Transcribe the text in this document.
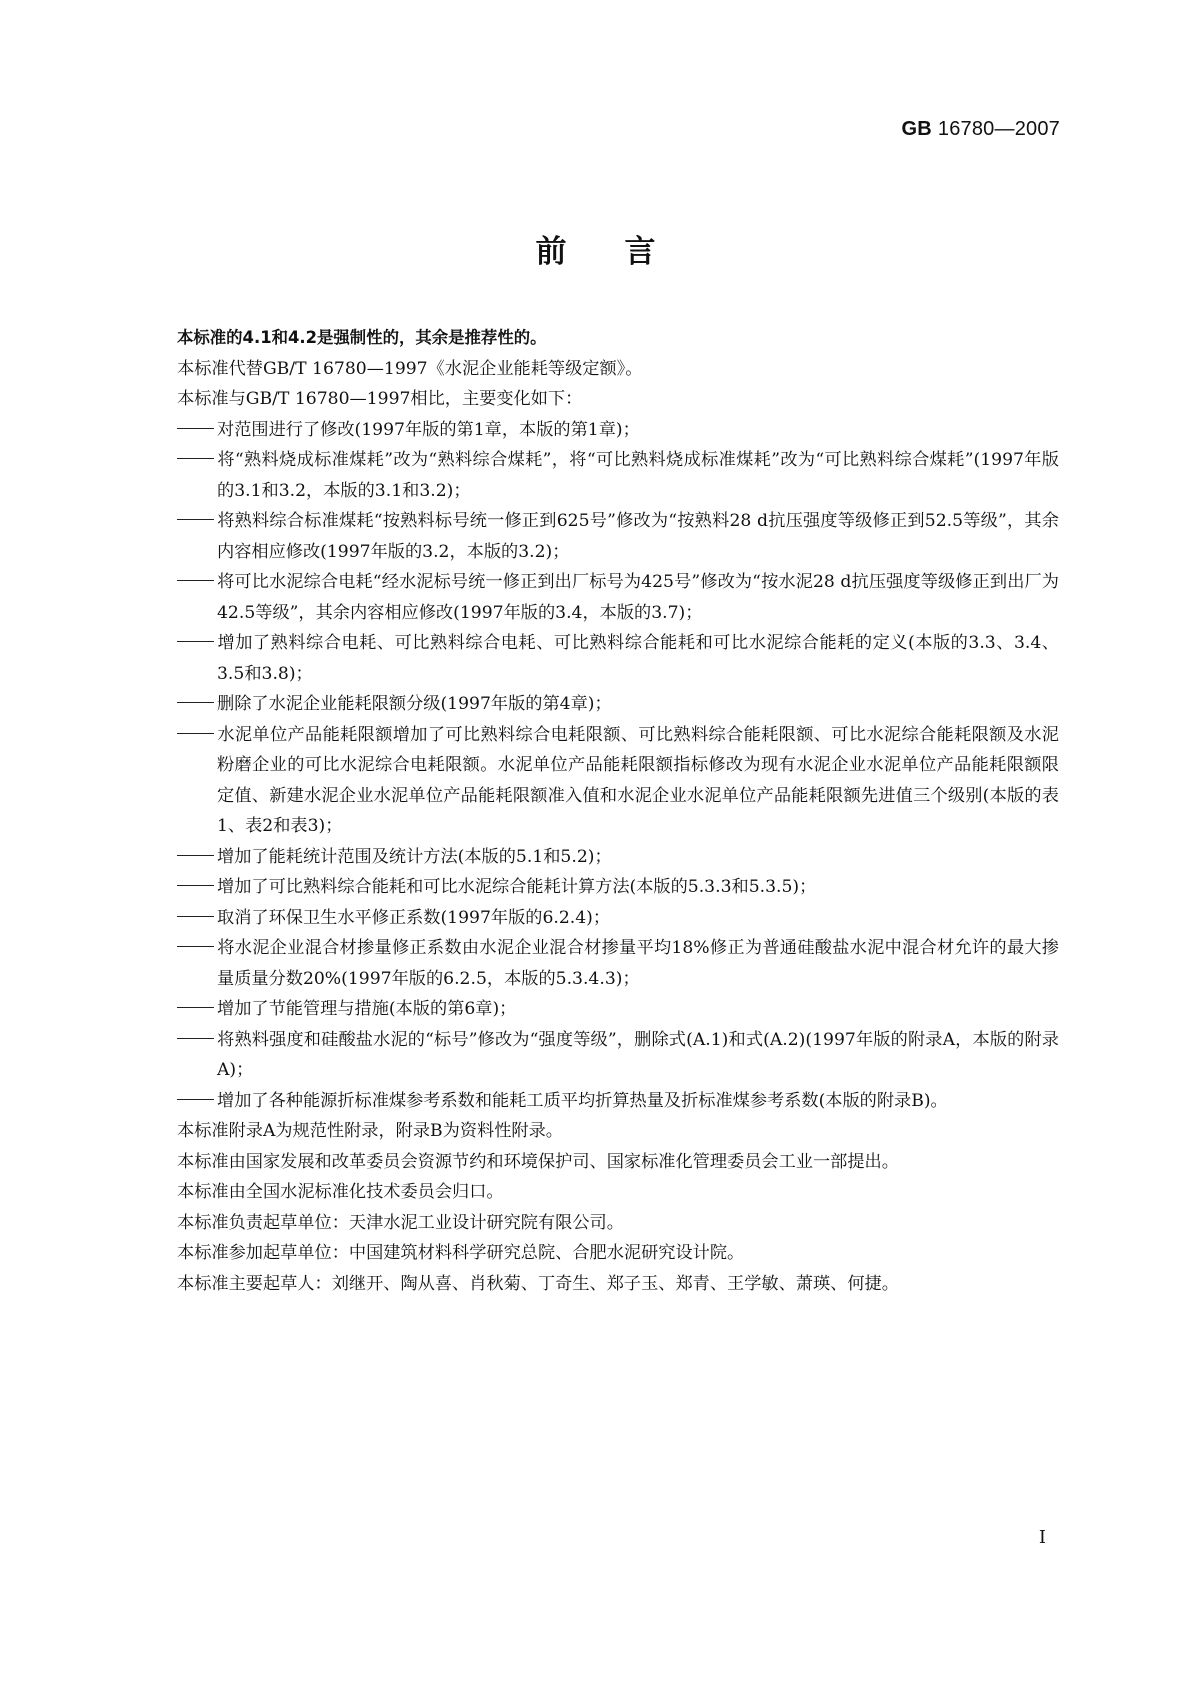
GB 16780—2007
前言

本标准的4.1和4.2是强制性的，其余是推荐性的。

本标准代替GB/T 16780—1997《水泥企业能耗等级定额》。

本标准与GB/T 16780—1997相比，主要变化如下：

对范围进行了修改(1997年版的第1章，本版的第1章)；

将“熟料烧成标准煤耗”改为“熟料综合煤耗”，将“可比熟料烧成标准煤耗”改为“可比熟料综合煤耗”(1997年版的3.1和3.2，本版的3.1和3.2)；

将熟料综合标准煤耗“按熟料标号统一修正到625号”修改为“按熟料28 d抗压强度等级修正到52.5等级”，其余内容相应修改(1997年版的3.2，本版的3.2)；

将可比水泥综合电耗“经水泥标号统一修正到出厂标号为425号”修改为“按水泥28 d抗压强度等级修正到出厂为42.5等级”，其余内容相应修改(1997年版的3.4，本版的3.7)；

增加了熟料综合电耗、可比熟料综合电耗、可比熟料综合能耗和可比水泥综合能耗的定义(本版的3.3、3.4、3.5和3.8)；

删除了水泥企业能耗限额分级(1997年版的第4章)；

水泥单位产品能耗限额增加了可比熟料综合电耗限额、可比熟料综合能耗限额、可比水泥综合能耗限额及水泥粉磨企业的可比水泥综合电耗限额。水泥单位产品能耗限额指标修改为现有水泥企业水泥单位产品能耗限额限定值、新建水泥企业水泥单位产品能耗限额准入值和水泥企业水泥单位产品能耗限额先进值三个级别(本版的表1、表2和表3)；

增加了能耗统计范围及统计方法(本版的5.1和5.2)；

增加了可比熟料综合能耗和可比水泥综合能耗计算方法(本版的5.3.3和5.3.5)；

取消了环保卫生水平修正系数(1997年版的6.2.4)；

将水泥企业混合材掺量修正系数由水泥企业混合材掺量平均18%修正为普通硅酸盐水泥中混合材允许的最大掺量质量分数20%(1997年版的6.2.5，本版的5.3.4.3)；

增加了节能管理与措施(本版的第6章)；

将熟料强度和硅酸盐水泥的“标号”修改为“强度等级”，删除式(A.1)和式(A.2)(1997年版的附录A，本版的附录A)；

增加了各种能源折标准煤参考系数和能耗工质平均折算热量及折标准煤参考系数(本版的附录B)。

本标准附录A为规范性附录，附录B为资料性附录。

本标准由国家发展和改革委员会资源节约和环境保护司、国家标准化管理委员会工业一部提出。

本标准由全国水泥标准化技术委员会归口。

本标准负责起草单位：天津水泥工业设计研究院有限公司。

本标准参加起草单位：中国建筑材料科学研究总院、合肥水泥研究设计院。

本标准主要起草人：刘继开、陶从喜、肖秋菊、丁奇生、郑子玉、郑青、王学敏、萧瑛、何捷。

I
